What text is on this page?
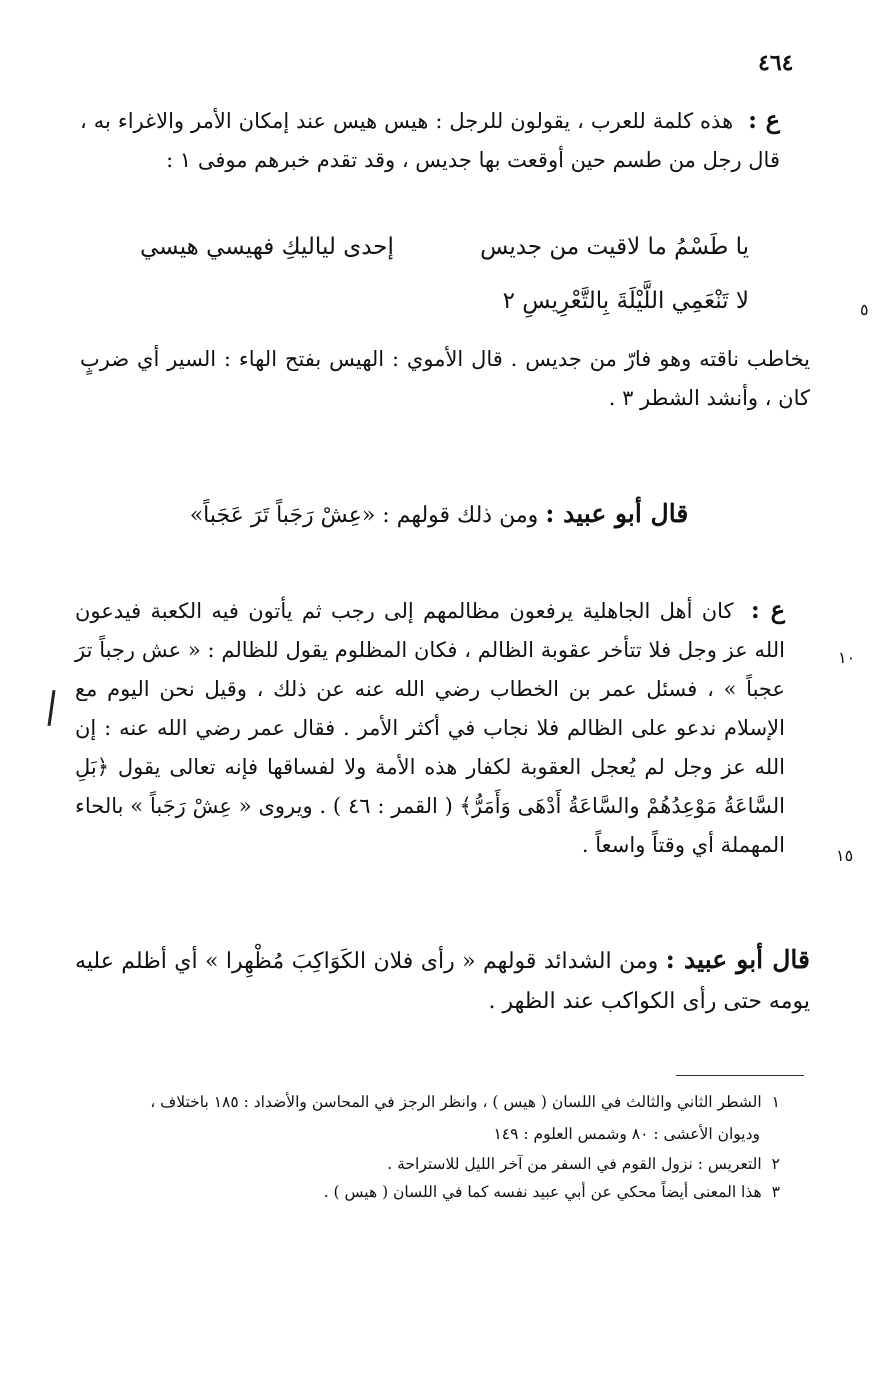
٤٦٤

ع : هذه كلمة للعرب ، يقولون للرجل : هيس هيس عند إمكان الأمر والاغراء به ، قال رجل من طسم حين أوقعت بها جديس ، وقد تقدم خبرهم موفى ١ :

يا طَسْمُ ما لاقيت من جديس
إحدى لياليكِ فهيسي هيسي
لا تَنْعَمِي اللَّيْلَةَ بِالتَّعْرِيسِ ٢	٥

يخاطب ناقته وهو فارّ من جديس . قال الأموي : الهيس بفتح الهاء : السير أي ضربٍ كان ، وأنشد الشطر ٣ .

قال أبو عبيد : ومن ذلك قولهم : «عِشْ رَجَباً تَرَ عَجَباً»

ع : كان أهل الجاهلية يرفعون مظالمهم إلى رجب ثم يأتون فيه الكعبة فيدعون الله عز وجل فلا تتأخر عقوبة الظالم ، فكان المظلوم يقول للظالم : « عش رجباً ترَ عجباً » ، فسئل عمر بن الخطاب رضي الله عنه عن ذلك ، وقيل نحن اليوم مع الإسلام ندعو على الظالم فلا نجاب في أكثر الأمر . فقال عمر رضي الله عنه : إن الله عز وجل لم يُعجل العقوبة لكفار هذه الأمة ولا لفساقها فإنه تعالى يقول ﴿بَلِ السَّاعَةُ مَوْعِدُهُمْ والسَّاعَةُ أَدْهَى وَأَمَرُّ﴾ ( القمر : ٤٦ ) . ويروى « عِشْ رَجَباً » بالحاء المهملة أي وقتاً واسعاً .

١٠
١٥

قال أبو عبيد : ومن الشدائد قولهم « رأى فلان الكَوَاكِبَ مُظْهِرا » أي أظلم عليه يومه حتى رأى الكواكب عند الظهر .

١الشطر الثاني والثالث في اللسان ( هيس ) ، وانظر الرجز في المحاسن والأضداد : ١٨٥ باختلاف ،

وديوان الأعشى : ٨٠ وشمس العلوم : ١٤٩

٢التعريس : نزول القوم في السفر من آخر الليل للاستراحة .

٣هذا المعنى أيضاً محكي عن أبي عبيد نفسه كما في اللسان ( هيس ) .
